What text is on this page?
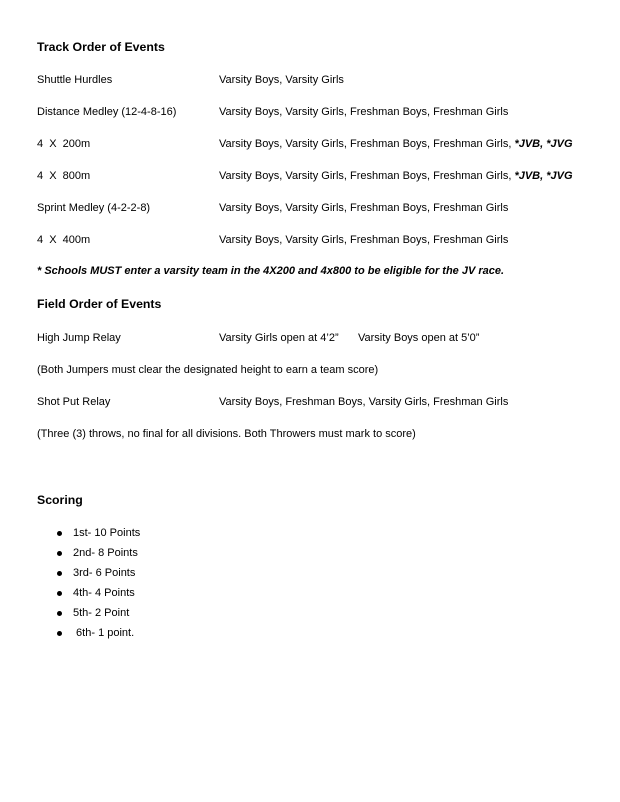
Track Order of Events
Shuttle Hurdles	Varsity Boys, Varsity Girls
Distance Medley (12-4-8-16)	Varsity Boys, Varsity Girls, Freshman Boys, Freshman Girls
4  X  200m	Varsity Boys, Varsity Girls, Freshman Boys, Freshman Girls, *JVB, *JVG
4  X  800m	Varsity Boys, Varsity Girls, Freshman Boys, Freshman Girls, *JVB, *JVG
Sprint Medley (4-2-2-8)	Varsity Boys, Varsity Girls, Freshman Boys, Freshman Girls
4  X  400m	Varsity Boys, Varsity Girls, Freshman Boys, Freshman Girls
* Schools MUST enter a varsity team in the 4X200 and 4x800 to be eligible for the JV race.
Field Order of Events
High Jump Relay	Varsity Girls open at 4’2” Varsity Boys open at 5’0”
(Both Jumpers must clear the designated height to earn a team score)
Shot Put Relay	Varsity Boys, Freshman Boys, Varsity Girls, Freshman Girls
(Three (3) throws, no final for all divisions. Both Throwers must mark to score)
Scoring
1st- 10 Points
2nd- 8 Points
3rd- 6 Points
4th- 4 Points
5th- 2 Point
6th- 1 point.
